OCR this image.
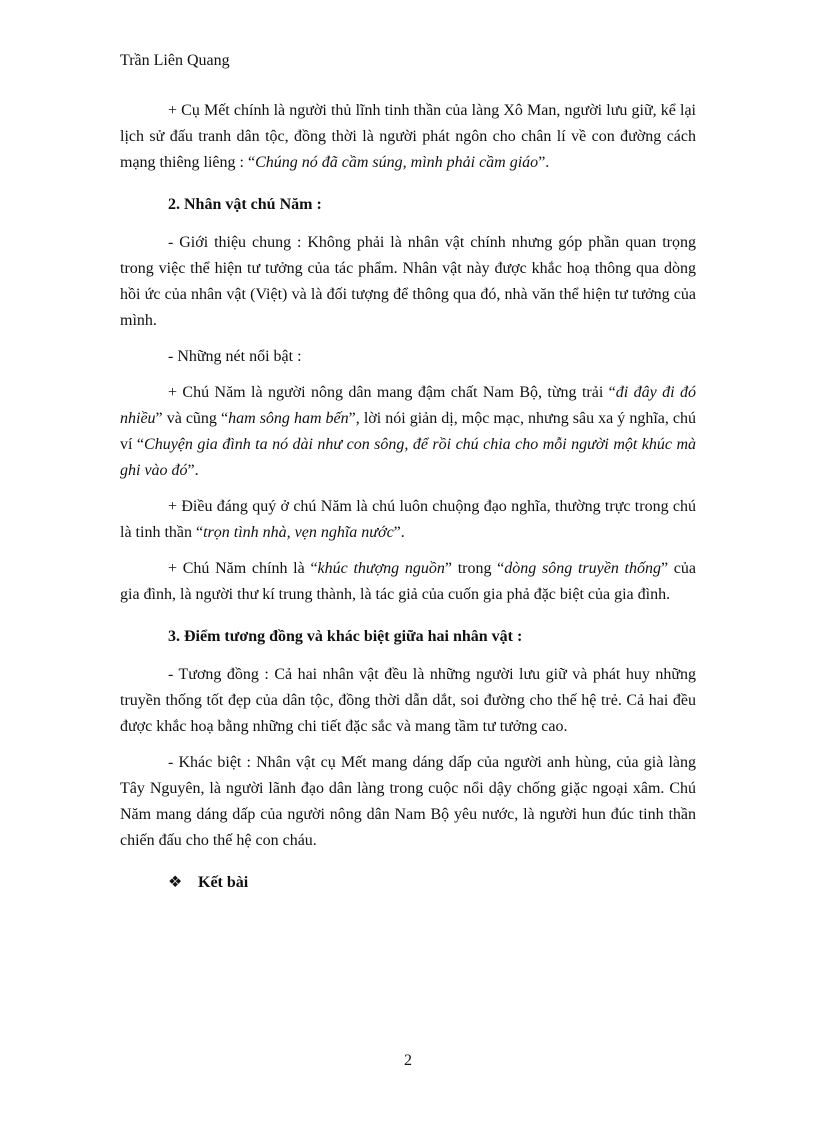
Trần Liên Quang

+ Cụ Mết chính là người thủ lĩnh tinh thần của làng Xô Man, người lưu giữ, kể lại lịch sử đấu tranh dân tộc, đồng thời là người phát ngôn cho chân lí về con đường cách mạng thiêng liêng : “Chúng nó đã cầm súng, mình phải cầm giáo”.

2. Nhân vật chú Năm :

- Giới thiệu chung : Không phải là nhân vật chính nhưng góp phần quan trọng trong việc thể hiện tư tưởng của tác phẩm. Nhân vật này được khắc hoạ thông qua dòng hồi ức của nhân vật (Việt) và là đối tượng để thông qua đó, nhà văn thể hiện tư tưởng của mình.

- Những nét nổi bật :

+ Chú Năm là người nông dân mang đậm chất Nam Bộ, từng trải “đi đây đi đó nhiều” và cũng “ham sông ham bến”, lời nói giản dị, mộc mạc, nhưng sâu xa ý nghĩa, chú ví “Chuyện gia đình ta nó dài như con sông, để rồi chú chia cho mỗi người một khúc mà ghi vào đó”.

+ Điều đáng quý ở chú Năm là chú luôn chuộng đạo nghĩa, thường trực trong chú là tinh thần “trọn tình nhà, vẹn nghĩa nước”.

+ Chú Năm chính là “khúc thượng nguồn” trong “dòng sông truyền thống” của gia đình, là người thư kí trung thành, là tác giả của cuốn gia phả đặc biệt của gia đình.

3. Điểm tương đồng và khác biệt giữa hai nhân vật :

- Tương đồng : Cả hai nhân vật đều là những người lưu giữ và phát huy những truyền thống tốt đẹp của dân tộc, đồng thời dẫn dắt, soi đường cho thế hệ trẻ. Cả hai đều được khắc hoạ bằng những chi tiết đặc sắc và mang tầm tư tưởng cao.

- Khác biệt : Nhân vật cụ Mết mang dáng dấp của người anh hùng, của già làng Tây Nguyên, là người lãnh đạo dân làng trong cuộc nổi dậy chống giặc ngoại xâm. Chú Năm mang dáng dấp của người nông dân Nam Bộ yêu nước, là người hun đúc tinh thần chiến đấu cho thế hệ con cháu.

❖ Kết bài
2
